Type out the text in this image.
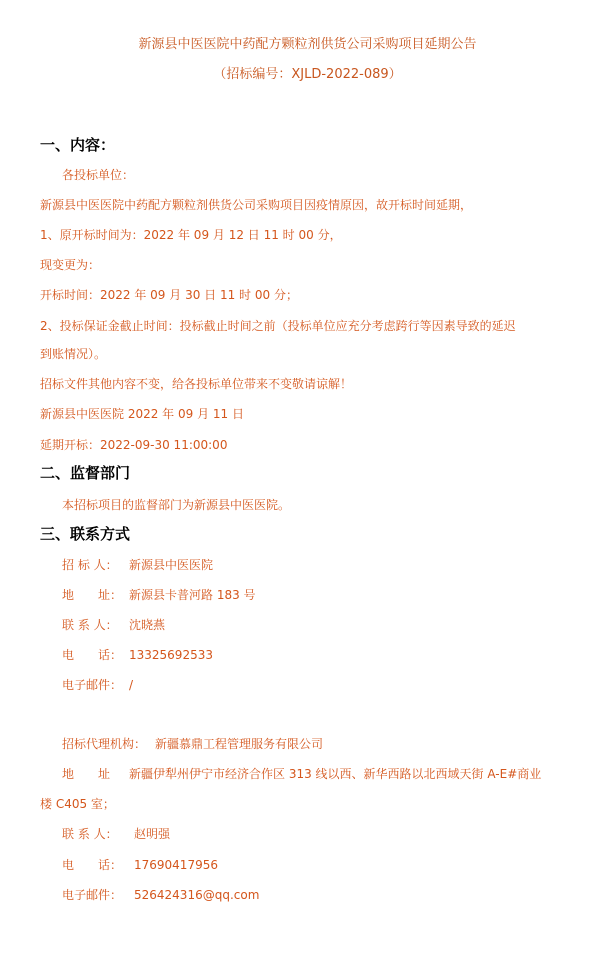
新源县中医医院中药配方颗粒剂供货公司采购项目延期公告
（招标编号：XJLD-2022-089）
一、内容：
各投标单位：
新源县中医医院中药配方颗粒剂供货公司采购项目因疫情原因，故开标时间延期，
1、原开标时间为：2022 年 09 月 12 日 11 时 00 分，
现变更为：
开标时间：2022 年 09 月 30 日 11 时 00 分；
2、投标保证金截止时间：投标截止时间之前（投标单位应充分考虑跨行等因素导致的延迟
到账情况）。
招标文件其他内容不变，给各投标单位带来不变敬请谅解！
新源县中医医院 2022 年 09 月 11 日
延期开标：2022-09-30 11:00:00
二、监督部门
本招标项目的监督部门为新源县中医医院。
三、联系方式
招 标 人： 新源县中医医院
地　　址： 新源县卡普河路 183 号
联 系 人： 沈晓燕
电　　话： 13325692533
电子邮件： /
招标代理机构： 新疆慕鼎工程管理服务有限公司
地　　址 新疆伊犁州伊宁市经济合作区 313 线以西、新华西路以北西域天街 A-E#商业
楼 C405 室；
联 系 人： 赵明强
电　　话： 17690417956
电子邮件： 526424316@qq.com
